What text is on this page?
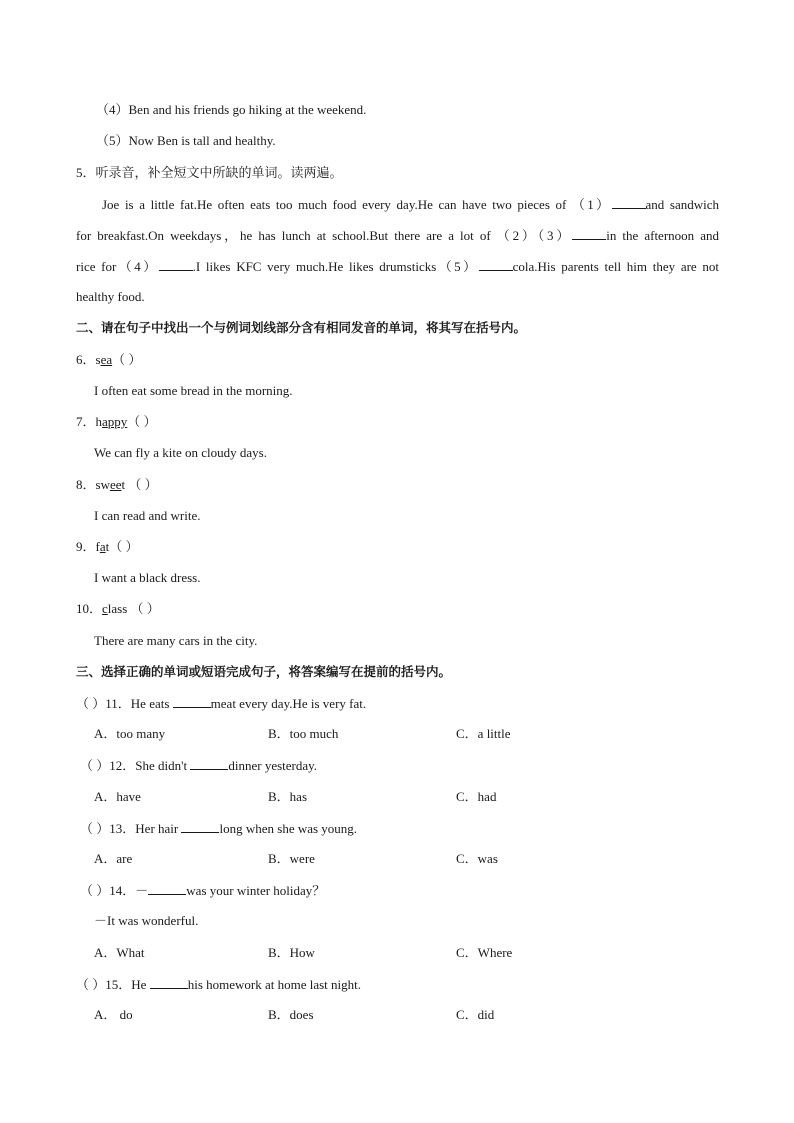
（4）Ben and his friends go hiking at the weekend.
（5）Now Ben is tall and healthy.
5．听录音，补全短文中所缺的单词。读两遍。
Joe is a little fat.He often eats too much food every day.He can have two pieces of （1）	and sandwich
for breakfast.On weekdays，he has lunch at school.But there are a lot of （2）（3）	in the afternoon and
rice for（4）	.I likes KFC very much.He likes drumsticks（5）	cola.His parents tell him they are not
healthy food.
二、请在句子中找出一个与例词划线部分含有相同发音的单词，将其写在括号内。
6．sea（ ）
I often eat some bread in the morning.
7．happy（ ）
We can fly a kite on cloudy days.
8．sweet （ ）
I can read and write.
9．fat（ ）
I want a black dress.
10．class （ ）
There are many cars in the city.
三、选择正确的单词或短语完成句子，将答案编写在提前的括号内。
（ ）11．He eats	meat every day.He is very fat.
A．too many	B．too much	C．a little
（ ）12．She didn't	dinner yesterday.
A．have	B．has	C．had
（ ）13．Her hair	long when she was young.
A．are	B．were	C．was
（ ）14．－	was your winter holiday？
－It was wonderful.
A．What	B．How	C．Where
（ ）15．He	his homework at home last night.
A． do	B．does	C．did
